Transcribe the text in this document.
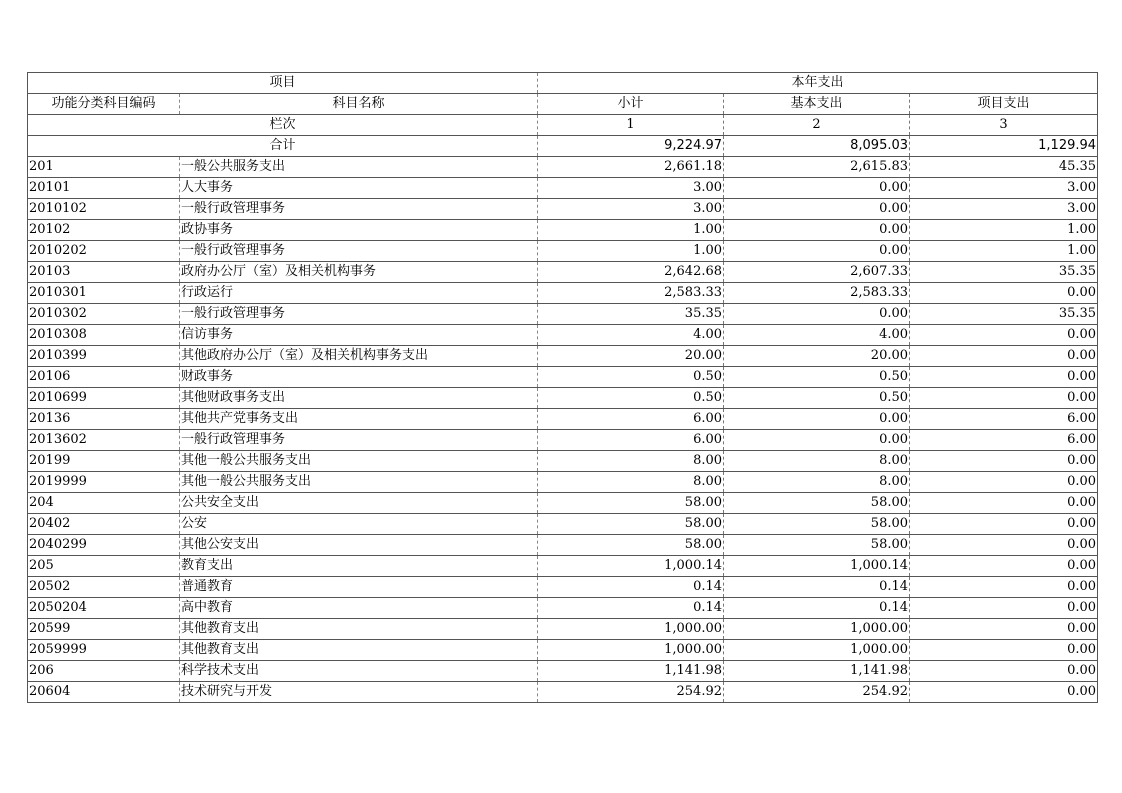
项目		本年支出		
功能分类科目编码	科目名称	小计	基本支出	项目支出
栏次		1	2	3
合计		9,224.97	8,095.03	1,129.94
201	一般公共服务支出	2,661.18	2,615.83	45.35
20101	人大事务	3.00	0.00	3.00
2010102	一般行政管理事务	3.00	0.00	3.00
20102	政协事务	1.00	0.00	1.00
2010202	一般行政管理事务	1.00	0.00	1.00
20103	政府办公厅（室）及相关机构事务	2,642.68	2,607.33	35.35
2010301	行政运行	2,583.33	2,583.33	0.00
2010302	一般行政管理事务	35.35	0.00	35.35
2010308	信访事务	4.00	4.00	0.00
2010399	其他政府办公厅（室）及相关机构事务支出	20.00	20.00	0.00
20106	财政事务	0.50	0.50	0.00
2010699	其他财政事务支出	0.50	0.50	0.00
20136	其他共产党事务支出	6.00	0.00	6.00
2013602	一般行政管理事务	6.00	0.00	6.00
20199	其他一般公共服务支出	8.00	8.00	0.00
2019999	其他一般公共服务支出	8.00	8.00	0.00
204	公共安全支出	58.00	58.00	0.00
20402	公安	58.00	58.00	0.00
2040299	其他公安支出	58.00	58.00	0.00
205	教育支出	1,000.14	1,000.14	0.00
20502	普通教育	0.14	0.14	0.00
2050204	高中教育	0.14	0.14	0.00
20599	其他教育支出	1,000.00	1,000.00	0.00
2059999	其他教育支出	1,000.00	1,000.00	0.00
206	科学技术支出	1,141.98	1,141.98	0.00
20604	技术研究与开发	254.92	254.92	0.00
